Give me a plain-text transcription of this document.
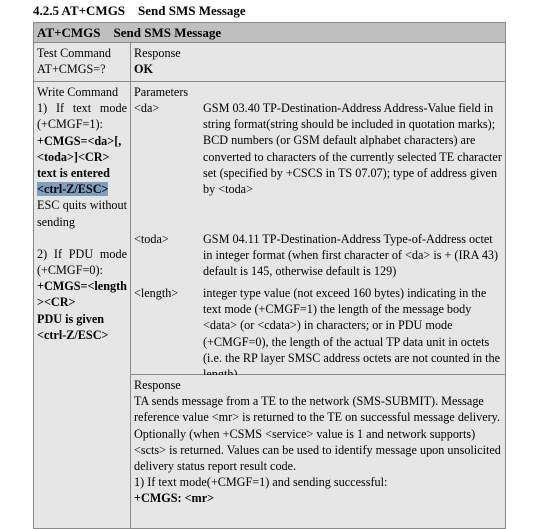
4.2.5 AT+CMGS    Send SMS Message
AT+CMGS    Send SMS Message
Test Command
AT+CMGS=?
Response
OK
Write Command
1) If text mode
(+CMGF=1):
+CMGS=<da>[,
<toda>]<CR>
text is entered
<ctrl-Z/ESC>
ESC quits without
sending
2) If PDU mode
(+CMGF=0):
+CMGS=<length
><CR>
PDU is given
<ctrl-Z/ESC>
Parameters
<da>	GSM 03.40 TP-Destination-Address Address-Value field in
string format(string should be included in quotation marks);
BCD numbers (or GSM default alphabet characters) are
converted to characters of the currently selected TE character
set (specified by +CSCS in TS 07.07); type of address given
by <toda>
<toda>	GSM 04.11 TP-Destination-Address Type-of-Address octet
in integer format (when first character of <da> is + (IRA 43)
default is 145, otherwise default is 129)
<length> integer type value (not exceed 160 bytes) indicating in the
text mode (+CMGF=1) the length of the message body
<data> (or <cdata>) in characters; or in PDU mode
(+CMGF=0), the length of the actual TP data unit in octets
(i.e. the RP layer SMSC address octets are not counted in the
Response
TA sends message from a TE to the network (SMS-SUBMIT). Message
reference value <mr> is returned to the TE on successful message delivery.
Optionally (when +CSMS <service> value is 1 and network supports)
<scts> is returned. Values can be used to identify message upon unsolicited
delivery status report result code.
1) If text mode(+CMGF=1) and sending successful:
+CMGS: <mr>
